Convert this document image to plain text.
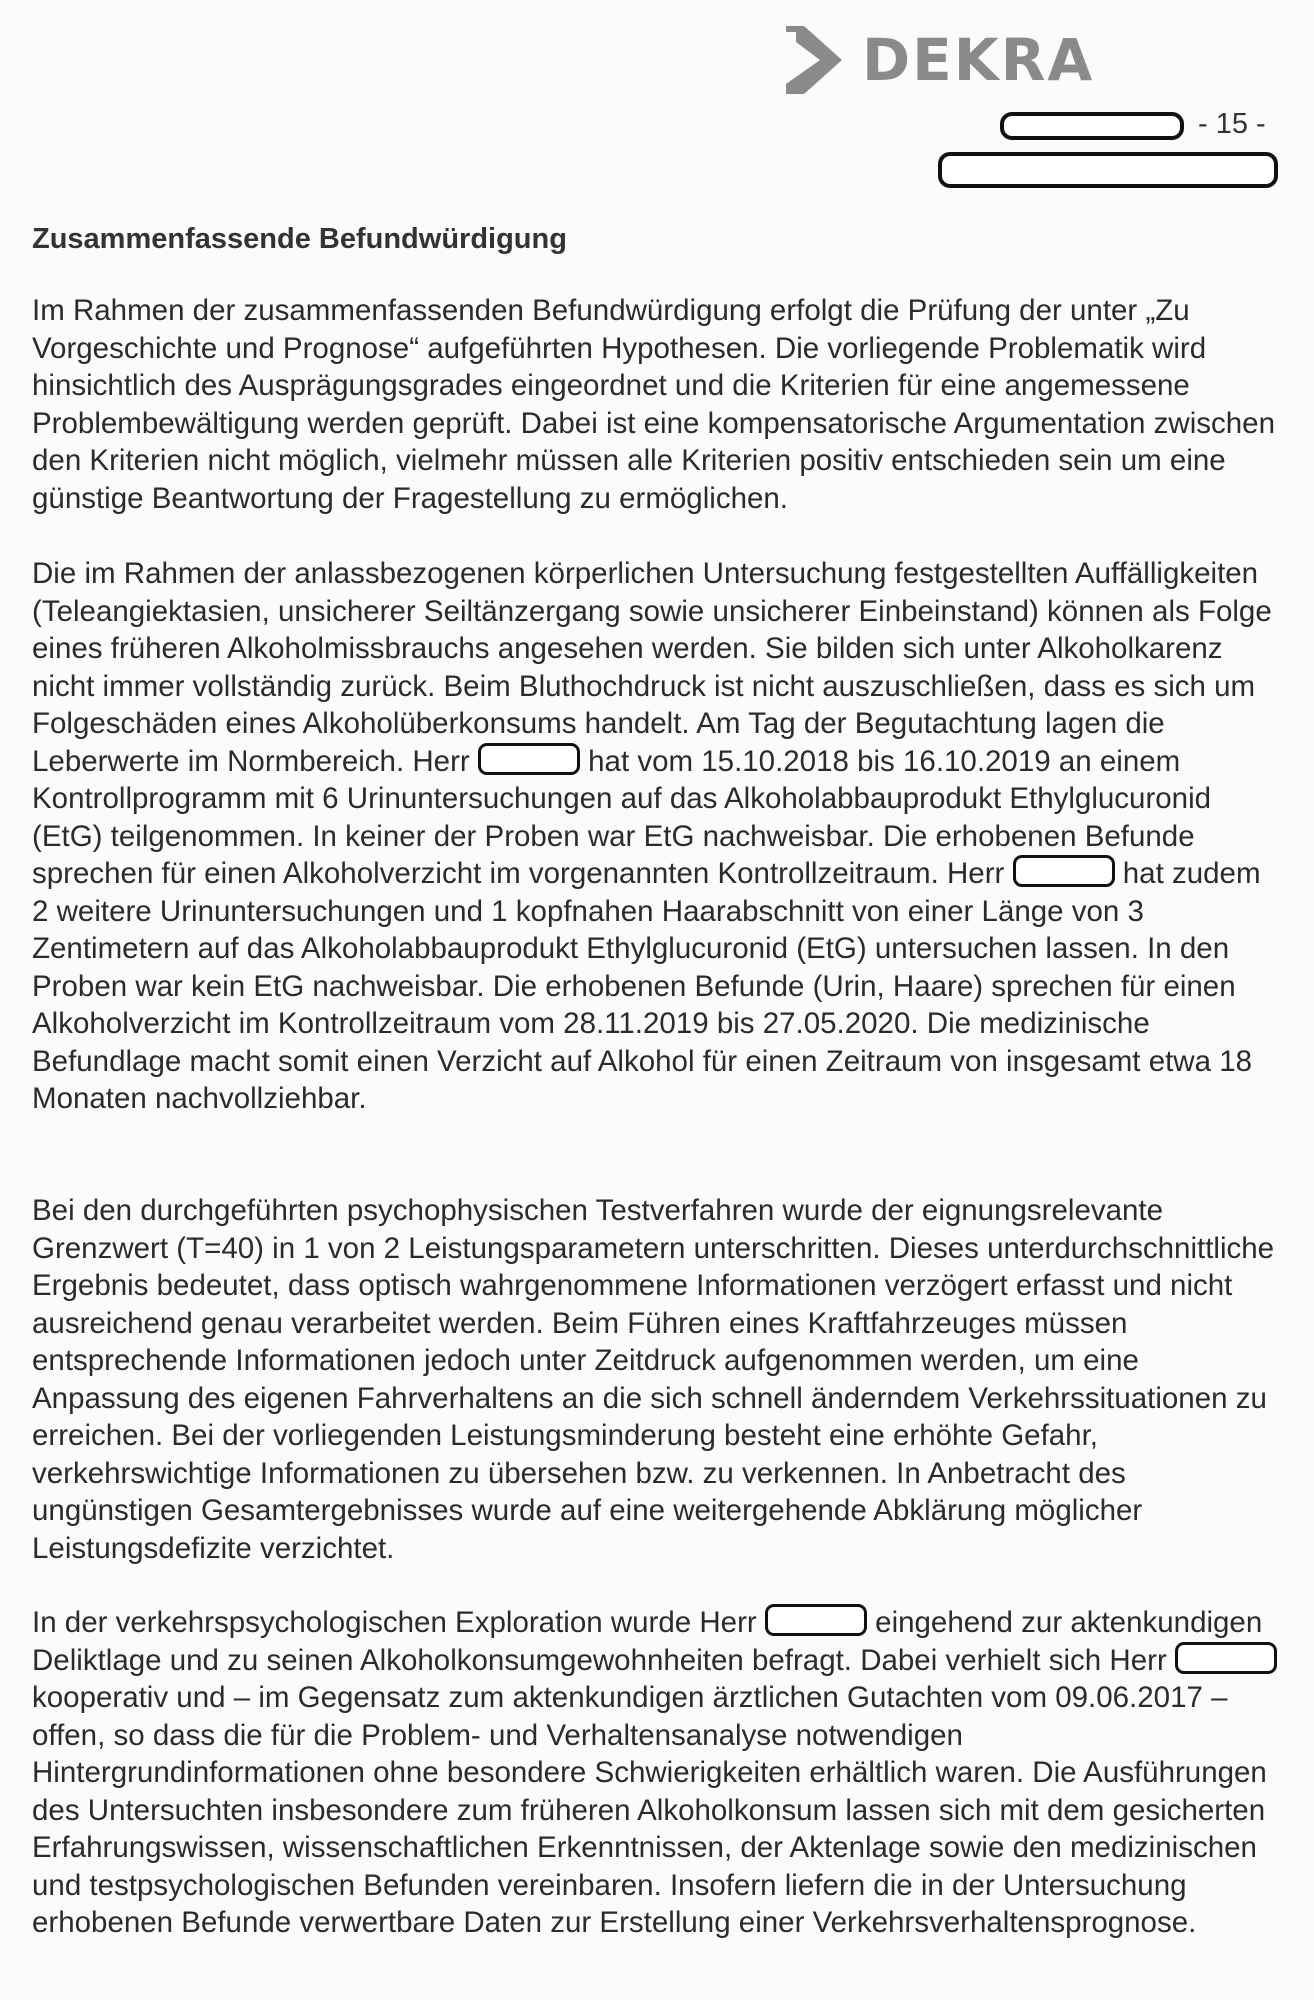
DEKRA
- 15 -
Zusammenfassende Befundwürdigung

Im Rahmen der zusammenfassenden Befundwürdigung erfolgt die Prüfung der unter „Zu Vorgeschichte und Prognose“ aufgeführten Hypothesen. Die vorliegende Problematik wird hinsichtlich des Ausprägungsgrades eingeordnet und die Kriterien für eine angemessene Problembewältigung werden geprüft. Dabei ist eine kompensatorische Argumentation zwischen den Kriterien nicht möglich, vielmehr müssen alle Kriterien positiv entschieden sein um eine günstige Beantwortung der Fragestellung zu ermöglichen.

Die im Rahmen der anlassbezogenen körperlichen Untersuchung festgestellten Auffälligkeiten (Teleangiektasien, unsicherer Seiltänzergang sowie unsicherer Einbeinstand) können als Folge eines früheren Alkoholmissbrauchs angesehen werden. Sie bilden sich unter Alkoholkarenz nicht immer vollständig zurück. Beim Bluthochdruck ist nicht auszuschließen, dass es sich um Folgeschäden eines Alkoholüberkonsums handelt. Am Tag der Begutachtung lagen die Leberwerte im Normbereich. Herr	hat vom 15.10.2018 bis 16.10.2019 an einem Kontrollprogramm mit 6 Urinuntersuchungen auf das Alkoholabbauprodukt Ethylglucuronid (EtG) teilgenommen. In keiner der Proben war EtG nachweisbar. Die erhobenen Befunde sprechen für einen Alkoholverzicht im vorgenannten Kontrollzeitraum. Herr	hat zudem 2 weitere Urinuntersuchungen und 1 kopfnahen Haarabschnitt von einer Länge von 3 Zentimetern auf das Alkoholabbauprodukt Ethylglucuronid (EtG) untersuchen lassen. In den Proben war kein EtG nachweisbar. Die erhobenen Befunde (Urin, Haare) sprechen für einen Alkoholverzicht im Kontrollzeitraum vom 28.11.2019 bis 27.05.2020. Die medizinische Befundlage macht somit einen Verzicht auf Alkohol für einen Zeitraum von insgesamt etwa 18 Monaten nachvollziehbar.

Bei den durchgeführten psychophysischen Testverfahren wurde der eignungsrelevante Grenzwert (T=40) in 1 von 2 Leistungsparametern unterschritten. Dieses unterdurchschnittliche Ergebnis bedeutet, dass optisch wahrgenommene Informationen verzögert erfasst und nicht ausreichend genau verarbeitet werden. Beim Führen eines Kraftfahrzeuges müssen entsprechende Informationen jedoch unter Zeitdruck aufgenommen werden, um eine Anpassung des eigenen Fahrverhaltens an die sich schnell änderndem Verkehrssituationen zu erreichen. Bei der vorliegenden Leistungsminderung besteht eine erhöhte Gefahr, verkehrswichtige Informationen zu übersehen bzw. zu verkennen. In Anbetracht des ungünstigen Gesamtergebnisses wurde auf eine weitergehende Abklärung möglicher Leistungsdefizite verzichtet.

In der verkehrspsychologischen Exploration wurde Herr	eingehend zur aktenkundigen Deliktlage und zu seinen Alkoholkonsumgewohnheiten befragt. Dabei verhielt sich Herr  kooperativ und – im Gegensatz zum aktenkundigen ärztlichen Gutachten vom 09.06.2017 – offen, so dass die für die Problem- und Verhaltensanalyse notwendigen Hintergrundinformationen ohne besondere Schwierigkeiten erhältlich waren. Die Ausführungen des Untersuchten insbesondere zum früheren Alkoholkonsum lassen sich mit dem gesicherten Erfahrungswissen, wissenschaftlichen Erkenntnissen, der Aktenlage sowie den medizinischen und testpsychologischen Befunden vereinbaren. Insofern liefern die in der Untersuchung erhobenen Befunde verwertbare Daten zur Erstellung einer Verkehrsverhaltensprognose.
